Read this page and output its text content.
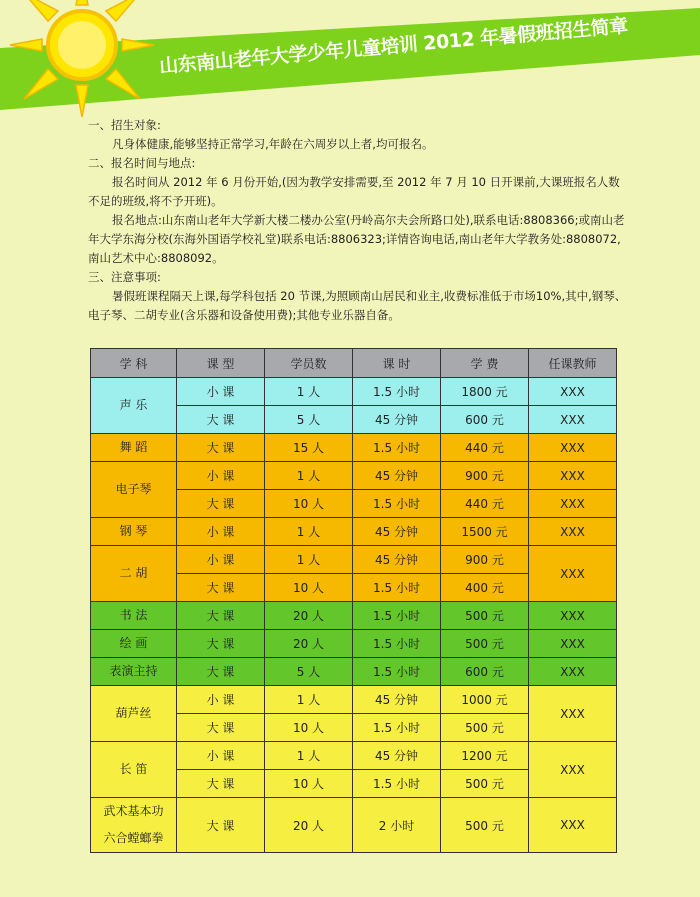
山东南山老年大学少年儿童培训 2012 年暑假班招生简章

一、招生对象:

凡身体健康,能够坚持正常学习,年龄在六周岁以上者,均可报名。

二、报名时间与地点:

报名时间从 2012 年 6 月份开始,(因为教学安排需要,至 2012 年 7 月 10 日开课前,大课班报名人数不足的班级,将不予开班)。

报名地点:山东南山老年大学新大楼二楼办公室(丹岭高尔夫会所路口处),联系电话:8808366;或南山老年大学东海分校(东海外国语学校礼堂)联系电话:8806323;详情咨询电话,南山老年大学教务处:8808072,南山艺术中心:8808092。

三、注意事项:

暑假班课程隔天上课,每学科包括 20 节课,为照顾南山居民和业主,收费标准低于市场10%,其中,钢琴、电子琴、二胡专业(含乐器和设备使用费);其他专业乐器自备。

学 科	课 型	学员数	课 时	学 费	任课教师
声 乐	小 课	1 人	1.5 小时	1800 元	XXX
	大 课	5 人	45 分钟	600 元	XXX
舞 蹈	大 课	15 人	1.5 小时	440 元	XXX
电子琴	小 课	1 人	45 分钟	900 元	XXX
	大 课	10 人	1.5 小时	440 元	XXX
钢 琴	小 课	1 人	45 分钟	1500 元	XXX
二 胡	小 课	1 人	45 分钟	900 元	XXX
	大 课	10 人	1.5 小时	400 元	
书 法	大 课	20 人	1.5 小时	500 元	XXX
绘 画	大 课	20 人	1.5 小时	500 元	XXX
表演主持	大 课	5 人	1.5 小时	600 元	XXX
葫芦丝	小 课	1 人	45 分钟	1000 元	XXX
	大 课	10 人	1.5 小时	500 元	
长 笛	小 课	1 人	45 分钟	1200 元	XXX
	大 课	10 人	1.5 小时	500 元	
武术基本功
六合螳螂拳	大 课	20 人	2 小时	500 元	XXX
